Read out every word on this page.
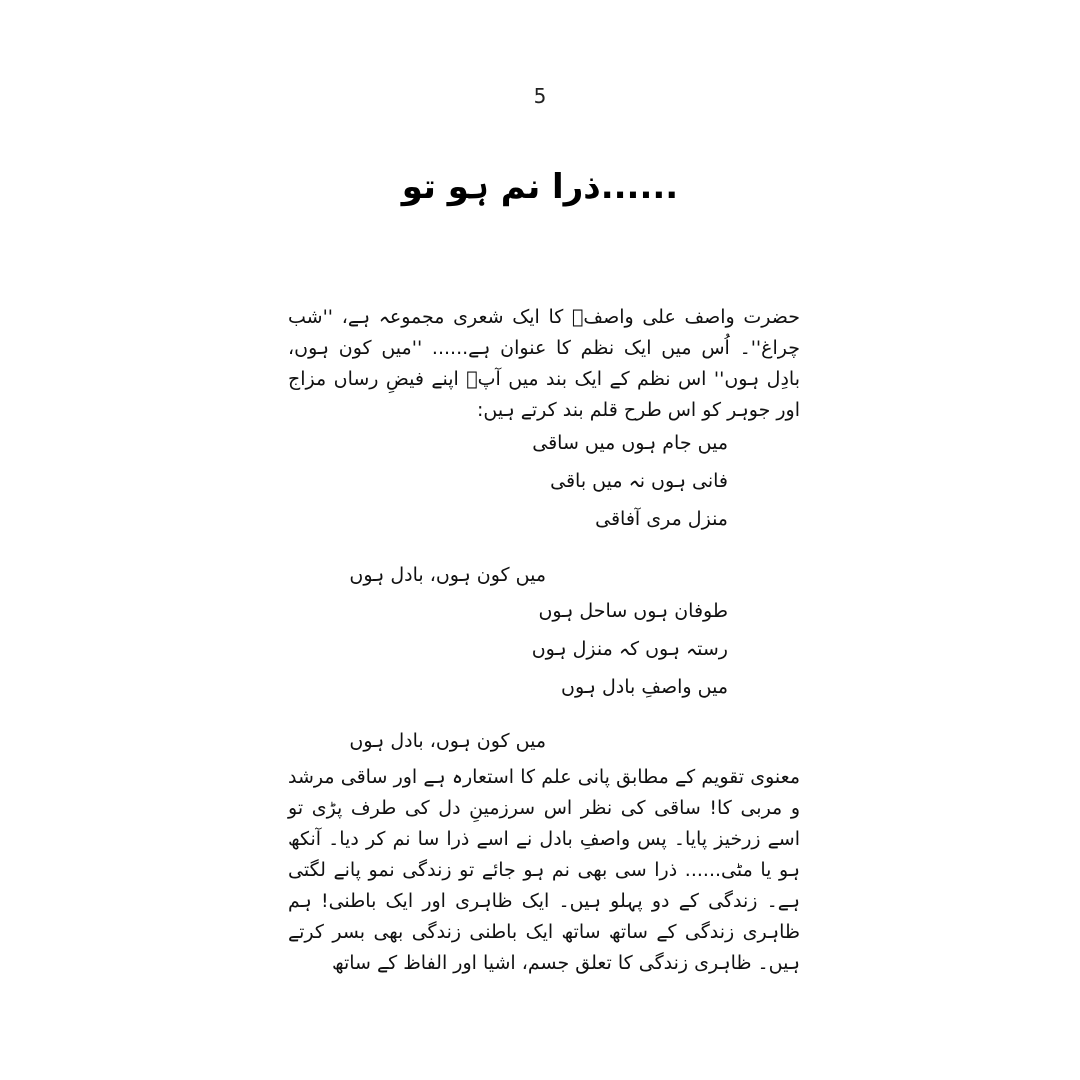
5
ذرا نم ہو تو......

حضرت واصف علی واصفؒ کا ایک شعری مجموعہ ہے، ''شب چراغ''۔ اُس میں ایک نظم کا عنوان ہے...... ''میں کون ہوں، بادِل ہوں'' اس نظم کے ایک بند میں آپؒ اپنے فیضِ رساں مزاج اور جوہر کو اس طرح قلم بند کرتے ہیں:

میں جام ہوں میں ساقی
فانی ہوں نہ میں باقی
منزل مری آفاقی
میں کون ہوں، بادل ہوں
طوفان ہوں ساحل ہوں
رستہ ہوں کہ منزل ہوں
میں واصفِ بادل ہوں
میں کون ہوں، بادل ہوں

معنوی تقویم کے مطابق پانی علم کا استعارہ ہے اور ساقی مرشد و مربی کا! ساقی کی نظر اس سرزمینِ دل کی طرف پڑی تو اسے زرخیز پایا۔ پس واصفِ بادل نے اسے ذرا سا نم کر دیا۔ آنکھ ہو یا مٹی...... ذرا سی بھی نم ہو جائے تو زندگی نمو پانے لگتی ہے۔ زندگی کے دو پہلو ہیں۔ ایک ظاہری اور ایک باطنی! ہم ظاہری زندگی کے ساتھ ساتھ ایک باطنی زندگی بھی بسر کرتے ہیں۔ ظاہری زندگی کا تعلق جسم، اشیا اور الفاظ کے ساتھ
